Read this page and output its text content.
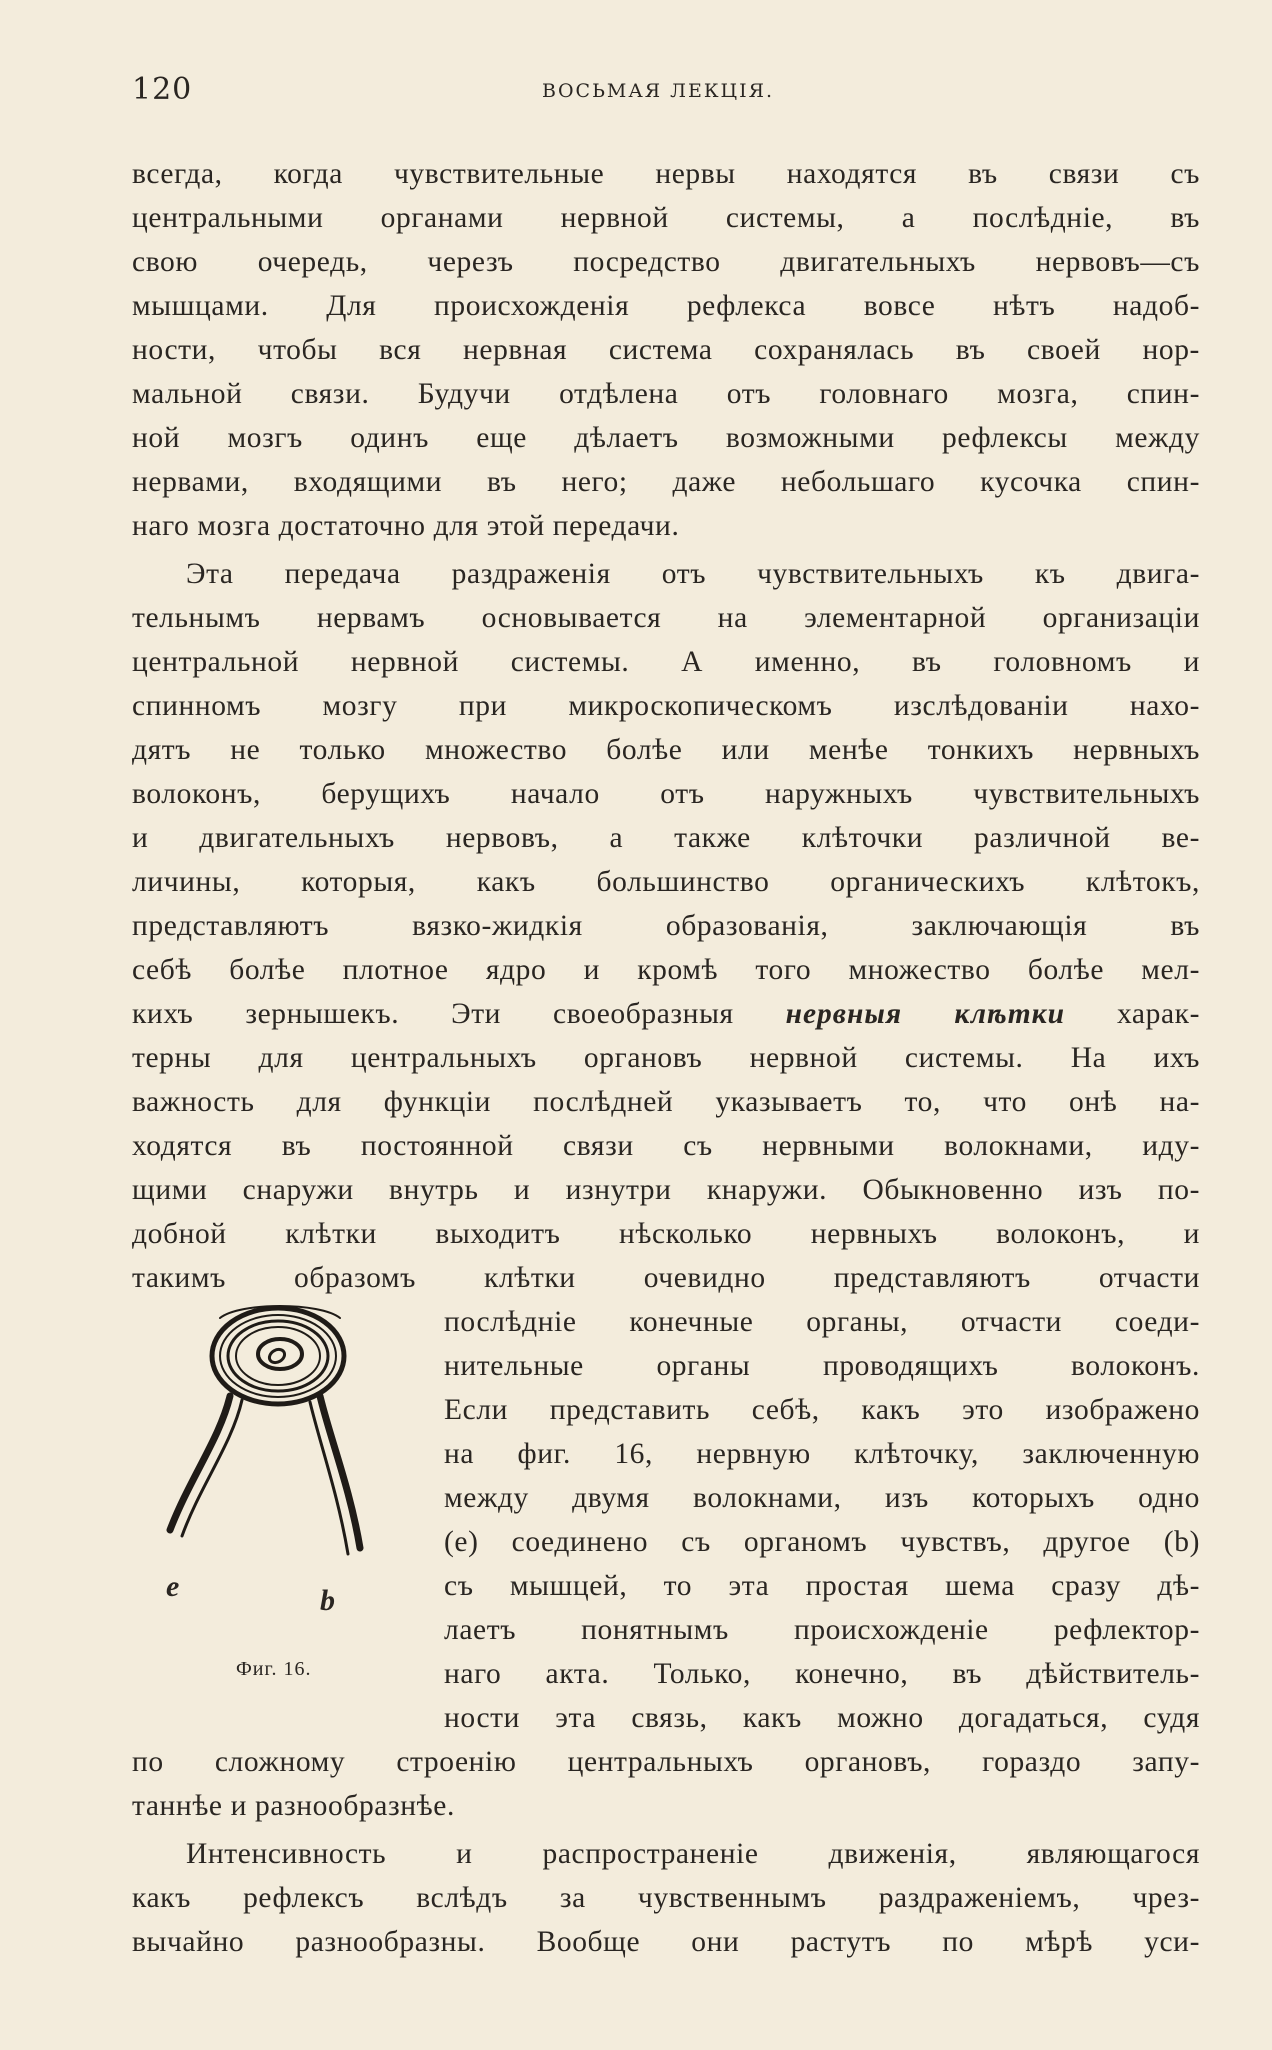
120	ВОСЬМАЯ ЛЕКЦІЯ.
всегда, когда чувствительные нервы находятся въ связи съ
центральными органами нервной системы, а послѣдніе, въ
свою очередь, черезъ посредство двигательныхъ нервовъ—съ
мышцами. Для происхожденія рефлекса вовсе нѣтъ надоб-
ности, чтобы вся нервная система сохранялась въ своей нор-
мальной связи. Будучи отдѣлена отъ головнаго мозга, спин-
ной мозгъ одинъ еще дѣлаетъ возможными рефлексы между
нервами, входящими въ него; даже небольшаго кусочка спин-
наго мозга достаточно для этой передачи.
Эта передача раздраженія отъ чувствительныхъ къ двига-
тельнымъ нервамъ основывается на элементарной организаціи
центральной нервной системы. А именно, въ головномъ и
спинномъ мозгу при микроскопическомъ изслѣдованіи нахо-
дятъ не только множество болѣе или менѣе тонкихъ нервныхъ
волоконъ, берущихъ начало отъ наружныхъ чувствительныхъ
и двигательныхъ нервовъ, а также клѣточки различной ве-
личины, которыя, какъ большинство органическихъ клѣтокъ,
представляютъ вязко-жидкія образованія, заключающія въ
себѣ болѣе плотное ядро и кромѣ того множество болѣе мел-
кихъ зернышекъ. Эти своеобразныя нервныя клѣтки харак-
терны для центральныхъ органовъ нервной системы. На ихъ
важность для функціи послѣдней указываетъ то, что онѣ на-
ходятся въ постоянной связи съ нервными волокнами, иду-
щими снаружи внутрь и изнутри кнаружи. Обыкновенно изъ по-
добной клѣтки выходитъ нѣсколько нервныхъ волоконъ, и
такимъ образомъ клѣтки очевидно представляютъ отчасти
послѣдніе конечные органы, отчасти соеди-
нительные органы проводящихъ волоконъ.
Если представить себѣ, какъ это изображено
на фиг. 16, нервную клѣточку, заключенную
между двумя волокнами, изъ которыхъ одно
(e) соединено съ органомъ чувствъ, другое (b)
съ мышцей, то эта простая шема сразу дѣ-
лаетъ понятнымъ происхожденіе рефлектор-
наго акта. Только, конечно, въ дѣйствитель-
ности эта связь, какъ можно догадаться, судя
по сложному строенію центральныхъ органовъ, гораздо запу-
таннѣе и разнообразнѣе.
Интенсивность и распространеніе движенія, являющагося
какъ рефлексъ вслѣдъ за чувственнымъ раздраженіемъ, чрез-
вычайно разнообразны. Вообще они растутъ по мѣрѣ уси-
e	b
Фиг. 16.
